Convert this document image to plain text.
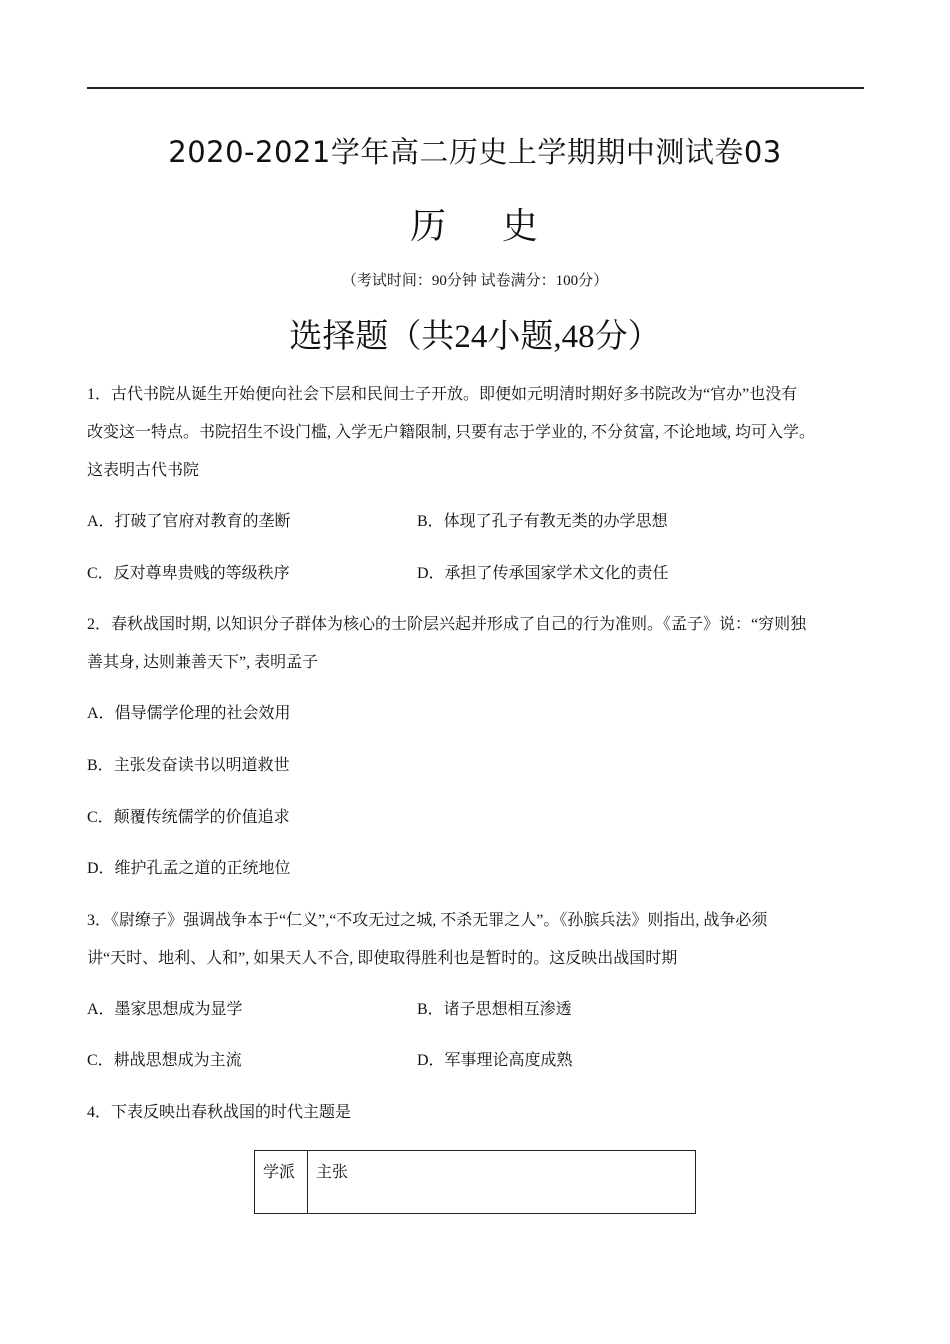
2020-2021学年高二历史上学期期中测试卷03
历    史
（考试时间：90分钟 试卷满分：100分）
选择题（共24小题,48分）
1．古代书院从诞生开始便向社会下层和民间士子开放。即便如元明清时期好多书院改为“官办”也没有
改变这一特点。书院招生不设门槛, 入学无户籍限制, 只要有志于学业的, 不分贫富, 不论地域, 均可入学。
这表明古代书院
A．打破了官府对教育的垄断	B．体现了孔子有教无类的办学思想
C．反对尊卑贵贱的等级秩序	D．承担了传承国家学术文化的责任
2．春秋战国时期, 以知识分子群体为核心的士阶层兴起并形成了自己的行为准则。《孟子》说：“穷则独
善其身, 达则兼善天下”, 表明孟子
A．倡导儒学伦理的社会效用
B．主张发奋读书以明道救世
C．颠覆传统儒学的价值追求
D．维护孔孟之道的正统地位
3．《尉缭子》强调战争本于“仁义”,“不攻无过之城, 不杀无罪之人”。《孙膑兵法》则指出, 战争必须
讲“天时、地利、人和”, 如果天人不合, 即使取得胜利也是暂时的。这反映出战国时期
A．墨家思想成为显学	B．诸子思想相互渗透
C．耕战思想成为主流	D．军事理论高度成熟
4．下表反映出春秋战国的时代主题是
学派	主张
